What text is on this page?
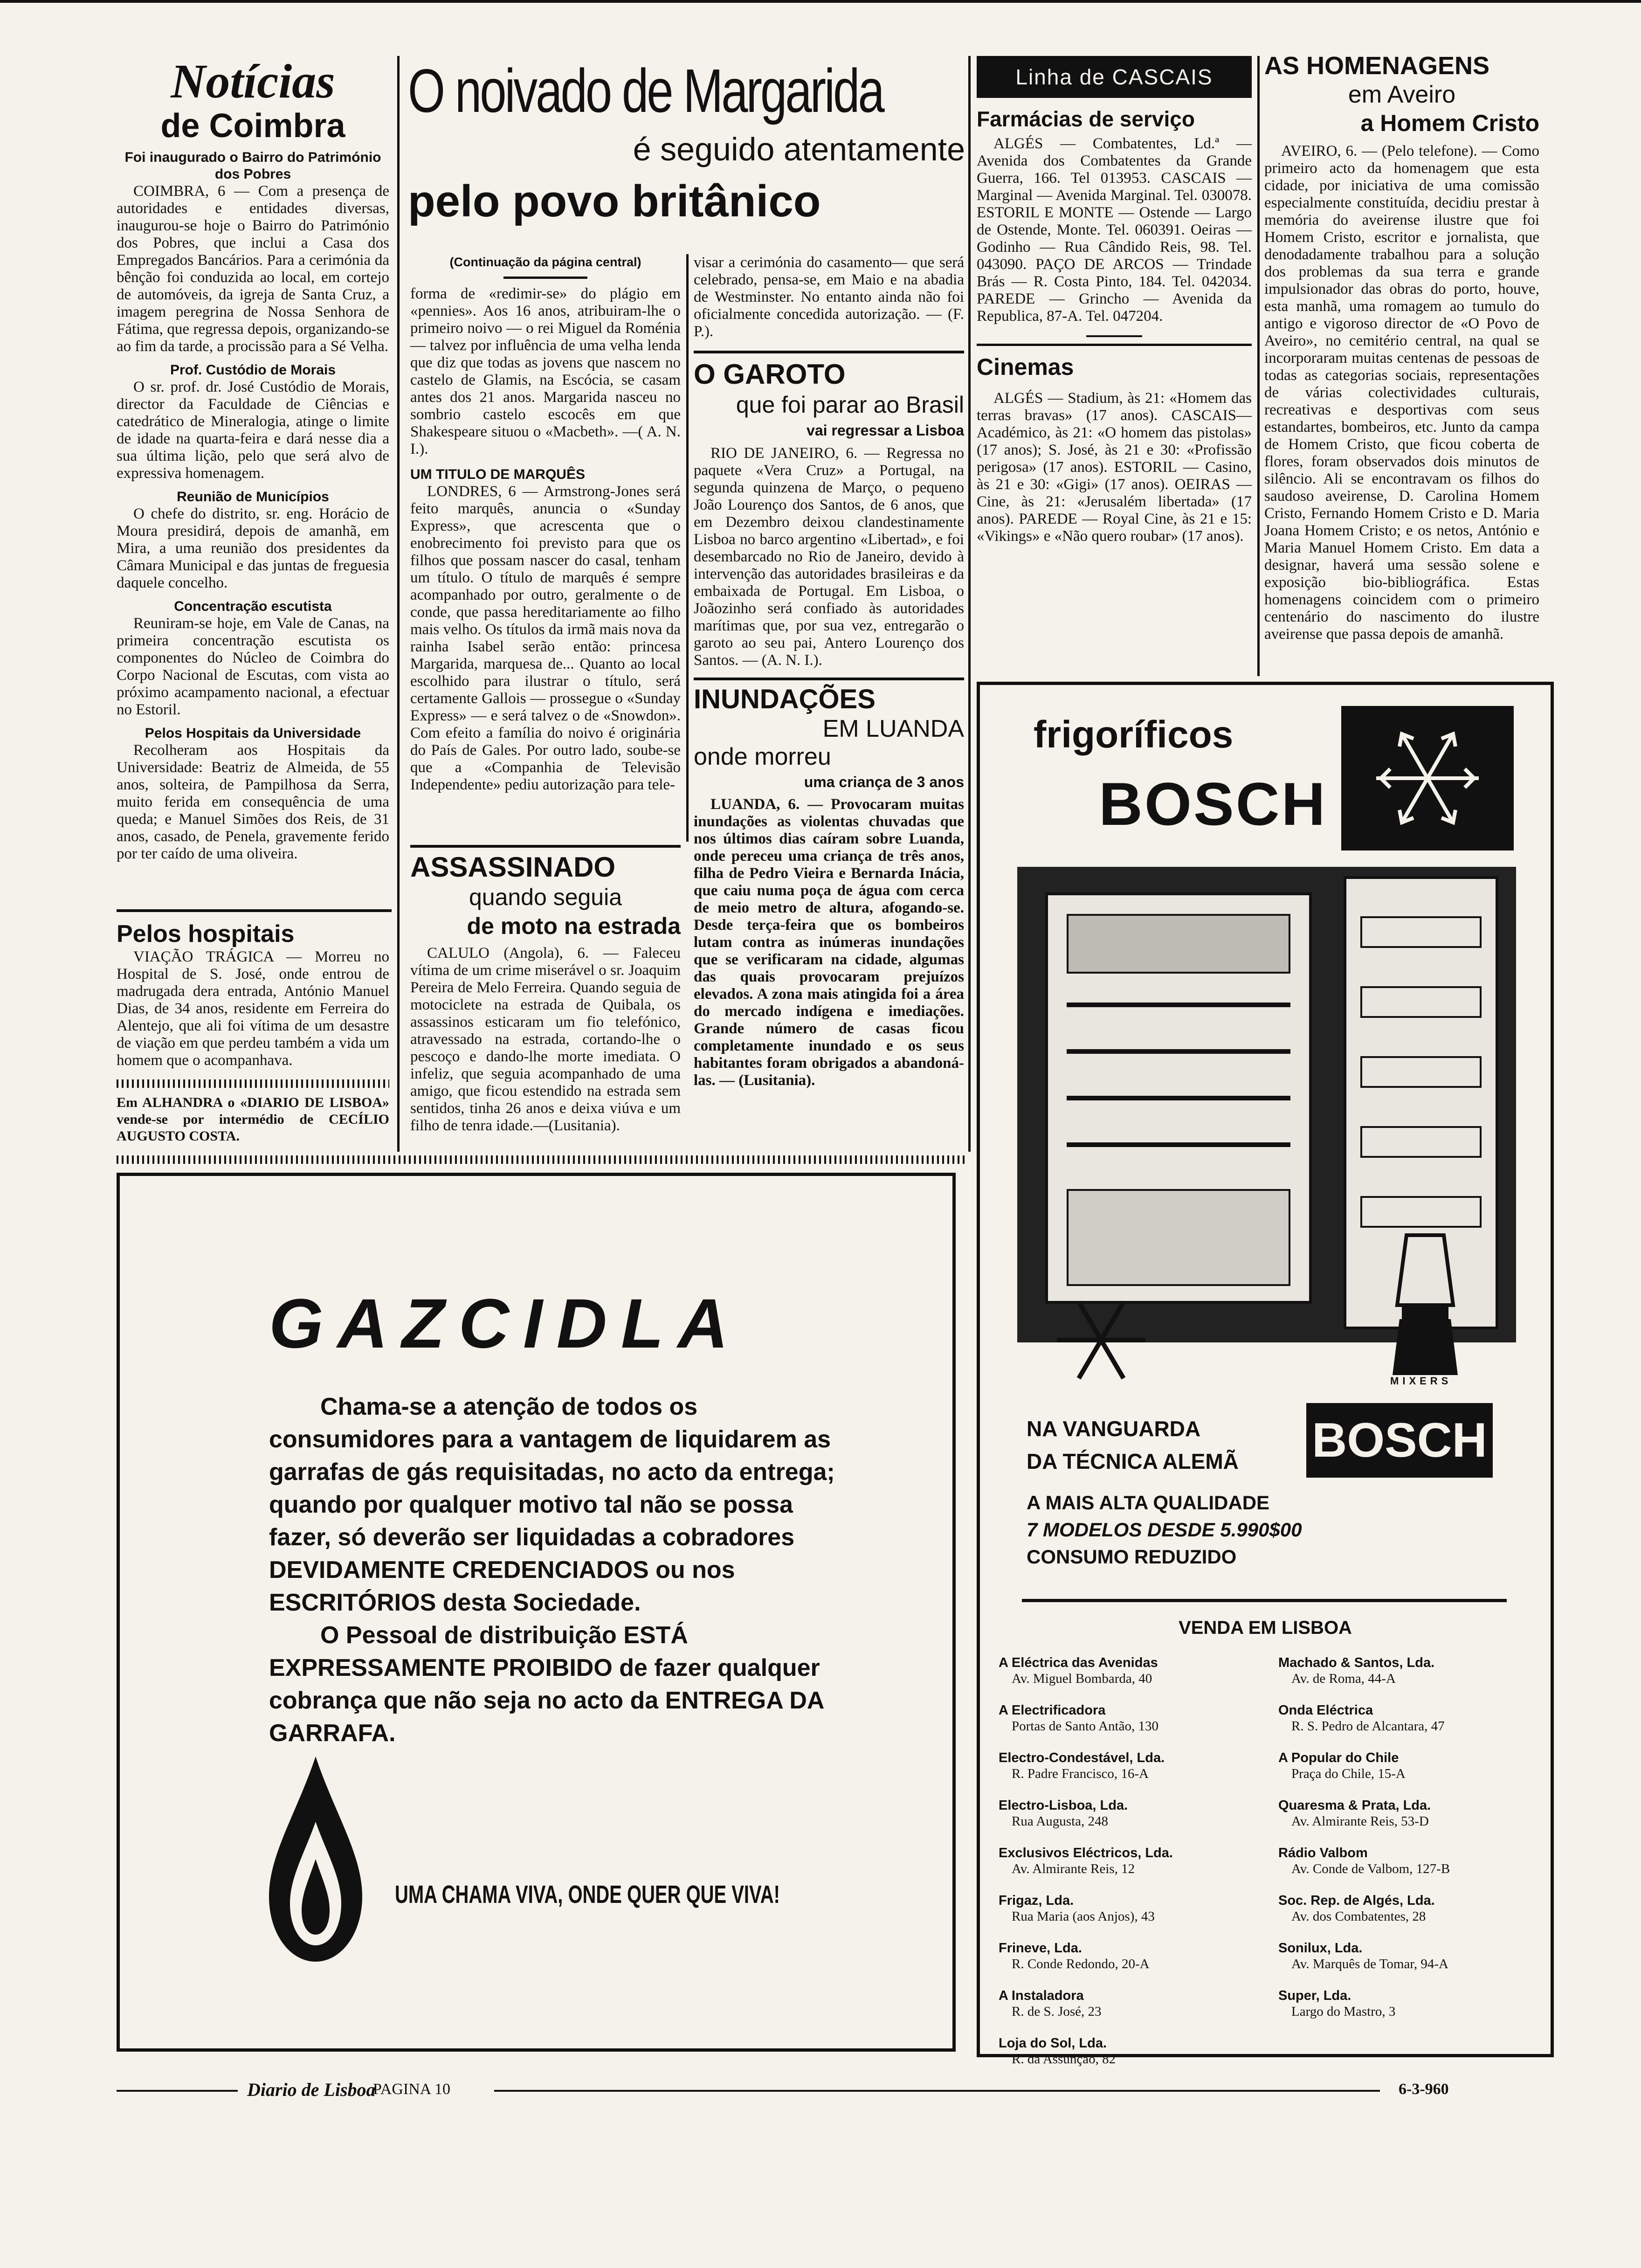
Notícias
de Coimbra
Foi inaugurado o Bairro do Património dos Pobres

COIMBRA, 6 — Com a presença de autoridades e entidades diversas, inaugurou-se hoje o Bairro do Património dos Pobres, que inclui a Casa dos Empregados Bancários. Para a cerimónia da bênção foi conduzida ao local, em cortejo de automóveis, da igreja de Santa Cruz, a imagem peregrina de Nossa Senhora de Fátima, que regressa depois, organizando-se ao fim da tarde, a procissão para a Sé Velha.

Prof. Custódio de Morais

O sr. prof. dr. José Custódio de Morais, director da Faculdade de Ciências e catedrático de Mineralogia, atinge o limite de idade na quarta-feira e dará nesse dia a sua última lição, pelo que será alvo de expressiva homenagem.

Reunião de Municípios

O chefe do distrito, sr. eng. Horácio de Moura presidirá, depois de amanhã, em Mira, a uma reunião dos presidentes da Câmara Municipal e das juntas de freguesia daquele concelho.

Concentração escutista

Reuniram-se hoje, em Vale de Canas, na primeira concentração escutista os componentes do Núcleo de Coimbra do Corpo Nacional de Escutas, com vista ao próximo acampamento nacional, a efectuar no Estoril.

Pelos Hospitais da Universidade

Recolheram aos Hospitais da Universidade: Beatriz de Almeida, de 55 anos, solteira, de Pampilhosa da Serra, muito ferida em consequência de uma queda; e Manuel Simões dos Reis, de 31 anos, casado, de Penela, gravemente ferido por ter caído de uma oliveira.

Pelos hospitais

VIAÇÃO TRÁGICA — Morreu no Hospital de S. José, onde entrou de madrugada dera entrada, António Manuel Dias, de 34 anos, residente em Ferreira do Alentejo, que ali foi vítima de um desastre de viação em que perdeu também a vida um homem que o acompanhava.

Em ALHANDRA o «DIARIO DE LISBOA» vende-se por intermédio de CECÍLIO AUGUSTO COSTA.
O noivado de Margarida
é seguido atentamente
pelo povo britânico
(Continuação da página central)

forma de «redimir-se» do plágio em «pennies». Aos 16 anos, atribuiram-lhe o primeiro noivo — o rei Miguel da Roménia — talvez por influência de uma velha lenda que diz que todas as jovens que nascem no castelo de Glamis, na Escócia, se casam antes dos 21 anos. Margarida nasceu no sombrio castelo escocês em que Shakespeare situou o «Macbeth». —( A. N. I.).

UM TITULO DE MARQUÊS

LONDRES, 6 — Armstrong-Jones será feito marquês, anuncia o «Sunday Express», que acrescenta que o enobrecimento foi previsto para que os filhos que possam nascer do casal, tenham um título. O título de marquês é sempre acompanhado por outro, geralmente o de conde, que passa hereditariamente ao filho mais velho. Os títulos da irmã mais nova da rainha Isabel serão então: princesa Margarida, marquesa de... Quanto ao local escolhido para ilustrar o título, será certamente Gallois — prossegue o «Sunday Express» — e será talvez o de «Snowdon». Com efeito a família do noivo é originária do País de Gales. Por outro lado, soube-se que a «Companhia de Televisão Independente» pediu autorização para tele-

ASSASSINADO
quando seguia
de moto na estrada

CALULO (Angola), 6. — Faleceu vítima de um crime miserável o sr. Joaquim Pereira de Melo Ferreira. Quando seguia de motociclete na estrada de Quibala, os assassinos esticaram um fio telefónico, atravessado na estrada, cortando-lhe o pescoço e dando-lhe morte imediata. O infeliz, que seguia acompanhado de uma amigo, que ficou estendido na estrada sem sentidos, tinha 26 anos e deixa viúva e um filho de tenra idade.—(Lusitania).

visar a cerimónia do casamento— que será celebrado, pensa-se, em Maio e na abadia de Westminster. No entanto ainda não foi oficialmente concedida autorização. — (F. P.).

O GAROTO
que foi parar ao Brasil
vai regressar a Lisboa

RIO DE JANEIRO, 6. — Regressa no paquete «Vera Cruz» a Portugal, na segunda quinzena de Março, o pequeno João Lourenço dos Santos, de 6 anos, que em Dezembro deixou clandestinamente Lisboa no barco argentino «Libertad», e foi desembarcado no Rio de Janeiro, devido à intervenção das autoridades brasileiras e da embaixada de Portugal. Em Lisboa, o Joãozinho será confiado às autoridades marítimas que, por sua vez, entregarão o garoto ao seu pai, Antero Lourenço dos Santos. — (A. N. I.).

INUNDAÇÕES
EM LUANDA
onde morreu
uma criança de 3 anos

LUANDA, 6. — Provocaram muitas inundações as violentas chuvadas que nos últimos dias caíram sobre Luanda, onde pereceu uma criança de três anos, filha de Pedro Vieira e Bernarda Inácia, que caiu numa poça de água com cerca de meio metro de altura, afogando-se. Desde terça-feira que os bombeiros lutam contra as inúmeras inundações que se verificaram na cidade, algumas das quais provocaram prejuízos elevados. A zona mais atingida foi a área do mercado indígena e imediações. Grande número de casas ficou completamente inundado e os seus habitantes foram obrigados a abandoná-las. — (Lusitania).

Linha de CASCAIS
Farmácias de serviço

ALGÉS — Combatentes, Ld.ª — Avenida dos Combatentes da Grande Guerra, 166. Tel 013953. CASCAIS — Marginal — Avenida Marginal. Tel. 030078. ESTORIL E MONTE — Ostende — Largo de Ostende, Monte. Tel. 060391. Oeiras — Godinho — Rua Cândido Reis, 98. Tel. 043090. PAÇO DE ARCOS — Trindade Brás — R. Costa Pinto, 184. Tel. 042034. PAREDE — Grincho — Avenida da Republica, 87-A. Tel. 047204.

Cinemas

ALGÉS — Stadium, às 21: «Homem das terras bravas» (17 anos). CASCAIS—Académico, às 21: «O homem das pistolas» (17 anos); S. José, às 21 e 30: «Profissão perigosa» (17 anos). ESTORIL — Casino, às 21 e 30: «Gigi» (17 anos). OEIRAS — Cine, às 21: «Jerusalém libertada» (17 anos). PAREDE — Royal Cine, às 21 e 15: «Vikings» e «Não quero roubar» (17 anos).

AS HOMENAGENS
em Aveiro
a Homem Cristo

AVEIRO, 6. — (Pelo telefone). — Como primeiro acto da homenagem que esta cidade, por iniciativa de uma comissão especialmente constituída, decidiu prestar à memória do aveirense ilustre que foi Homem Cristo, escritor e jornalista, que denodadamente trabalhou para a solução dos problemas da sua terra e grande impulsionador das obras do porto, houve, esta manhã, uma romagem ao tumulo do antigo e vigoroso director de «O Povo de Aveiro», no cemitério central, na qual se incorporaram muitas centenas de pessoas de todas as categorias sociais, representações de várias colectividades culturais, recreativas e desportivas com seus estandartes, bombeiros, etc. Junto da campa de Homem Cristo, que ficou coberta de flores, foram observados dois minutos de silêncio. Ali se encontravam os filhos do saudoso aveirense, D. Carolina Homem Cristo, Fernando Homem Cristo e D. Maria Joana Homem Cristo; e os netos, António e Maria Manuel Homem Cristo. Em data a designar, haverá uma sessão solene e exposição bio-bibliográfica. Estas homenagens coincidem com o primeiro centenário do nascimento do ilustre aveirense que passa depois de amanhã.

GAZCIDLA

Chama-se a atenção de todos os consumidores para a vantagem de liquidarem as garrafas de gás requisitadas, no acto da entrega; quando por qualquer motivo tal não se possa fazer, só deverão ser liquidadas a cobradores DEVIDAMENTE CREDENCIADOS ou nos ESCRITÓRIOS desta Sociedade.

O Pessoal de distribuição ESTÁ EXPRESSAMENTE PROIBIDO de fazer qualquer cobrança que não seja no acto da ENTREGA DA GARRAFA.

UMA CHAMA VIVA, ONDE QUER QUE VIVA!
frigoríficos
BOSCH
MIXERS
NA VANGUARDA
DA TÉCNICA ALEMÃ BOSCH
A MAIS ALTA QUALIDADE
7 MODELOS DESDE 5.990$00
CONSUMO REDUZIDO
VENDA EM LISBOA
A Eléctrica das Avenidas
Av. Miguel Bombarda, 40
A Electrificadora
Portas de Santo Antão, 130
Electro-Condestável, Lda.
R. Padre Francisco, 16-A
Electro-Lisboa, Lda.
Rua Augusta, 248
Exclusivos Eléctricos, Lda.
Av. Almirante Reis, 12
Frigaz, Lda.
Rua Maria (aos Anjos), 43
Frineve, Lda.
R. Conde Redondo, 20-A
A Instaladora
R. de S. José, 23
Loja do Sol, Lda.
R. da Assunção, 82
Machado & Santos, Lda.
Av. de Roma, 44-A
Onda Eléctrica
R. S. Pedro de Alcantara, 47
A Popular do Chile
Praça do Chile, 15-A
Quaresma & Prata, Lda.
Av. Almirante Reis, 53-D
Rádio Valbom
Av. Conde de Valbom, 127-B
Soc. Rep. de Algés, Lda.
Av. dos Combatentes, 28
Sonilux, Lda.
Av. Marquês de Tomar, 94-A
Super, Lda.
Largo do Mastro, 3
Diario de Lisboa
PAGINA 10	6-3-960
